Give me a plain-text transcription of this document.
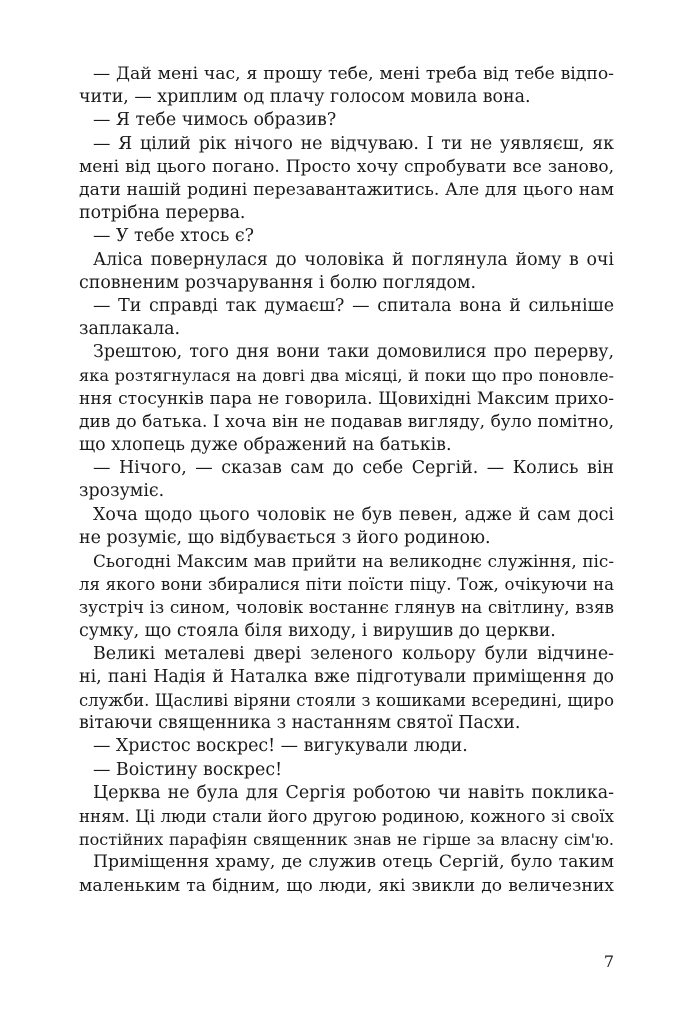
— Дай мені час, я прошу тебе, мені треба від тебе відпо-
чити, — хриплим од плачу голосом мовила вона.
— Я тебе чимось образив?
— Я цілий рік нічого не відчуваю. І ти не уявляєш, як
мені від цього погано. Просто хочу спробувати все заново,
дати нашій родині перезавантажитись. Але для цього нам
потрібна перерва.
— У тебе хтось є?
Аліса повернулася до чоловіка й поглянула йому в очі
сповненим розчарування і болю поглядом.
— Ти справді так думаєш? — спитала вона й сильніше
заплакала.
Зрештою, того дня вони таки домовилися про перерву,
яка розтягнулася на довгі два місяці, й поки що про поновле-
ння стосунків пара не говорила. Щовихідні Максим прихо-
див до батька. І хоча він не подавав вигляду, було помітно,
що хлопець дуже ображений на батьків.
— Нічого, — сказав сам до себе Сергій. — Колись він
зрозуміє.
Хоча щодо цього чоловік не був певен, адже й сам досі
не розуміє, що відбувається з його родиною.
Сьогодні Максим мав прийти на великоднє служіння, піс-
ля якого вони збиралися піти поїсти піцу. Тож, очікуючи на
зустріч із сином, чоловік востаннє глянув на світлину, взяв
сумку, що стояла біля виходу, і вирушив до церкви.
Великі металеві двері зеленого кольору були відчине-
ні, пані Надія й Наталка вже підготували приміщення до
служби. Щасливі віряни стояли з кошиками всередині, щиро
вітаючи священника з настанням святої Пасхи.
— Христос воскрес! — вигукували люди.
— Воістину воскрес!
Церква не була для Сергія роботою чи навіть поклика-
нням. Ці люди стали його другою родиною, кожного зі своїх
постійних парафіян священник знав не гірше за власну сім'ю.
Приміщення храму, де служив отець Сергій, було таким
маленьким та бідним, що люди, які звикли до величезних
7
